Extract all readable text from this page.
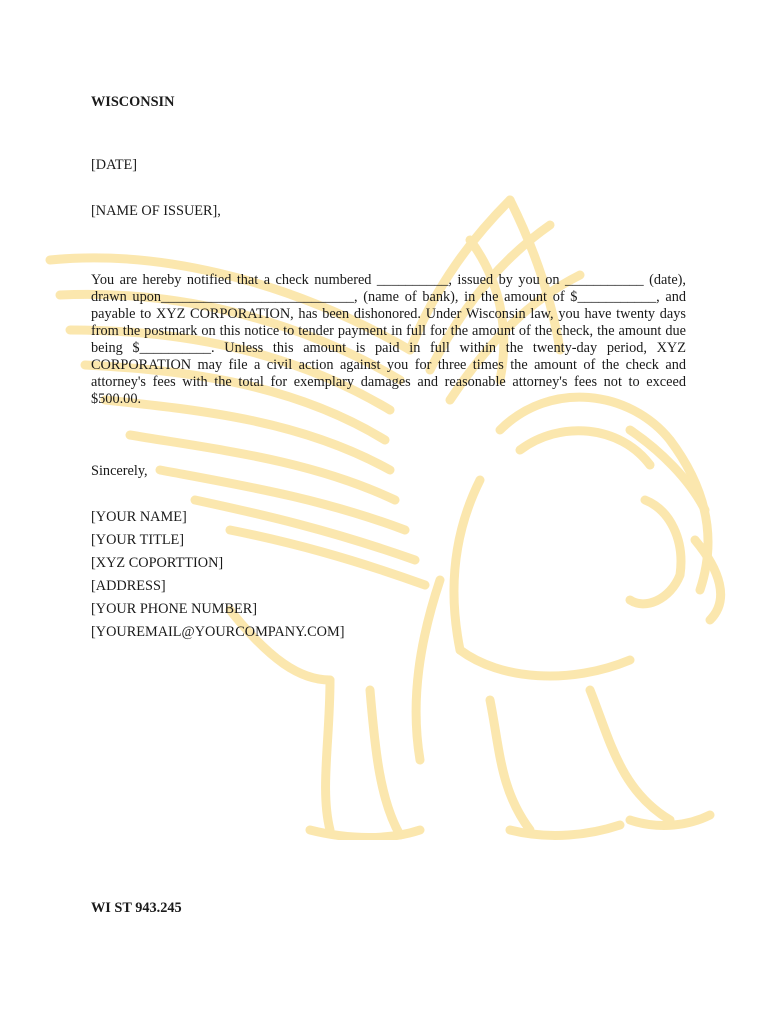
WISCONSIN
[DATE]
[NAME OF ISSUER],

You are hereby notified that a check numbered __________, issued by you on ___________ (date), drawn upon___________________________, (name of bank), in the amount of $___________, and payable to XYZ CORPORATION, has been dishonored. Under Wisconsin law, you have twenty days from the postmark on this notice to tender payment in full for the amount of the check, the amount due being $__________. Unless this amount is paid in full within the twenty-day period, XYZ CORPORATION may file a civil action against you for three times the amount of the check and attorney's fees with the total for exemplary damages and reasonable attorney's fees not to exceed $500.00.

Sincerely,
[YOUR NAME]
[YOUR TITLE]
[XYZ COPORTTION]
[ADDRESS]
[YOUR PHONE NUMBER]
[YOUREMAIL@YOURCOMPANY.COM]
WI ST 943.245
